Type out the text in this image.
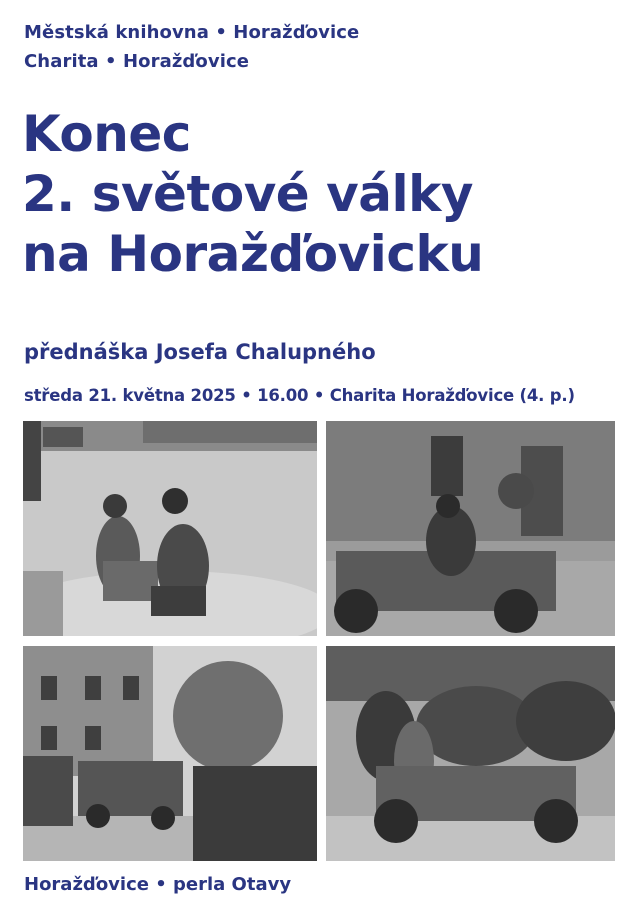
Městská knihovna • Horažďovice
Charita • Horažďovice
Konec
2. světové války
na Horažďovicku
přednáška Josefa Chalupného
středa 21. května 2025 • 16.00 • Charita Horažďovice (4. p.)
Horažďovice • perla Otavy
